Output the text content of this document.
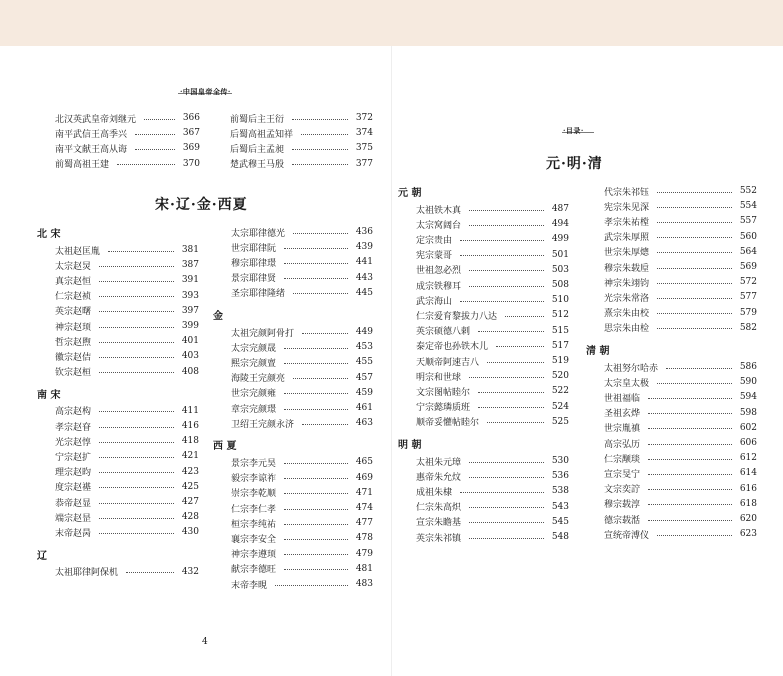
·中国皇帝全传·
·目录·
北汉英武皇帝刘继元	366
南平武信王高季兴	367
南平文献王高从诲	369
前蜀高祖王建	370
前蜀后主王衍	372
后蜀高祖孟知祥	374
后蜀后主孟昶	375
楚武穆王马殷	377
宋·辽·金·西夏
元·明·清
北 宋
太祖赵匡胤	381
太宗赵炅	387
真宗赵恒	391
仁宗赵祯	393
英宗赵曙	397
神宗赵顼	399
哲宗赵煦	401
徽宗赵佶	403
钦宗赵桓	408
南 宋
高宗赵构	411
孝宗赵眘	416
光宗赵惇	418
宁宗赵扩	421
理宗赵昀	423
度宗赵禥	425
恭帝赵显	427
端宗赵昰	428
末帝赵昺	430
辽
太祖耶律阿保机	432
太宗耶律德光	436
世宗耶律阮	439
穆宗耶律璟	441
景宗耶律贤	443
圣宗耶律隆绪	445
金
太祖完颜阿骨打	449
太宗完颜晟	453
熙宗完颜亶	455
海陵王完颜亮	457
世宗完颜雍	459
章宗完颜璟	461
卫绍王完颜永济	463
西 夏
景宗李元昊	465
毅宗李谅祚	469
崇宗李乾顺	471
仁宗李仁孝	474
桓宗李纯祐	477
襄宗李安全	478
神宗李遵顼	479
献宗李德旺	481
末帝李晛	483
元 朝
太祖铁木真	487
太宗窝阔台	494
定宗贵由	499
宪宗蒙哥	501
世祖忽必烈	503
成宗铁穆耳	508
武宗海山	510
仁宗爱育黎拔力八达	512
英宗硕德八剌	515
泰定帝也孙铁木儿	517
天顺帝阿速吉八	519
明宗和世球	520
文宗图帖睦尔	522
宁宗懿璘质班	524
顺帝妥懽帖睦尔	525
明 朝
太祖朱元璋	530
惠帝朱允炆	536
成祖朱棣	538
仁宗朱高炽	543
宣宗朱瞻基	545
英宗朱祁镇	548
代宗朱祁钰	552
宪宗朱见深	554
孝宗朱祐樘	557
武宗朱厚照	560
世宗朱厚熜	564
穆宗朱载垕	569
神宗朱翊钧	572
光宗朱常洛	577
熹宗朱由校	579
思宗朱由检	582
清 朝
太祖努尔哈赤	586
太宗皇太极	590
世祖福临	594
圣祖玄烨	598
世宗胤禛	602
高宗弘历	606
仁宗颙琰	612
宣宗旻宁	614
文宗奕詝	616
穆宗载淳	618
德宗载湉	620
宣统帝溥仪	623
4
